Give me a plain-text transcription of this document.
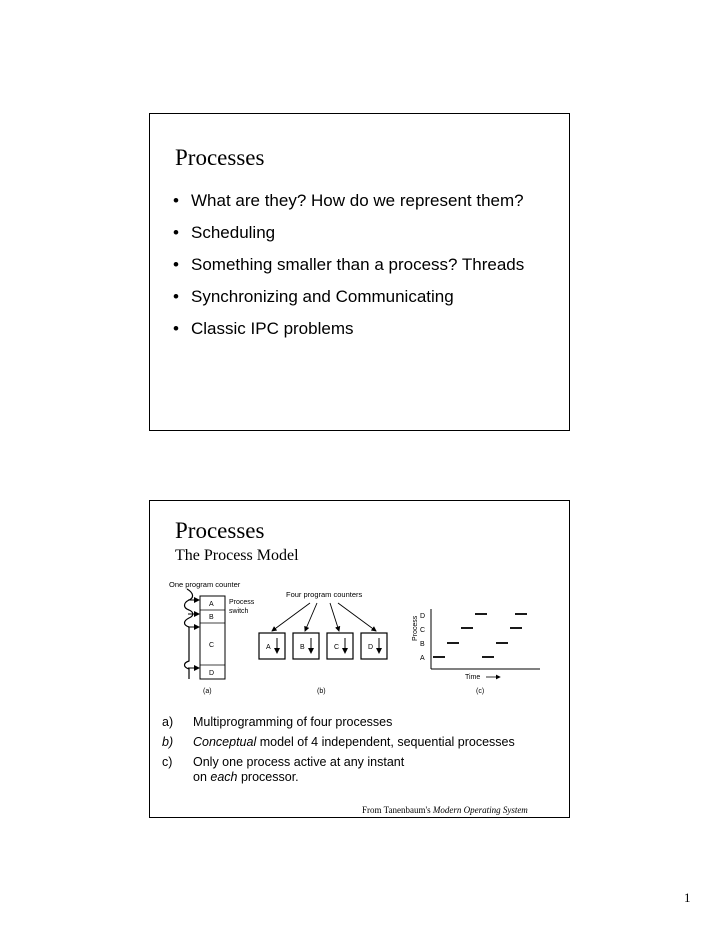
Processes
• What are they? How do we represent them?
• Scheduling
• Something smaller than a process? Threads
• Synchronizing and Communicating
• Classic IPC problems
Processes
The Process Model
One program counter
A
B
C
D
Process
switch
(a)
Four program counters
A	B	C	D
(b)
Process D
C
B
A
Time
(c)
a) Multiprogramming of four processes
b) Conceptual model of 4 independent, sequential processes
c) Only one process active at any instant
on each processor.
From Tanenbaum's Modern Operating System
1
